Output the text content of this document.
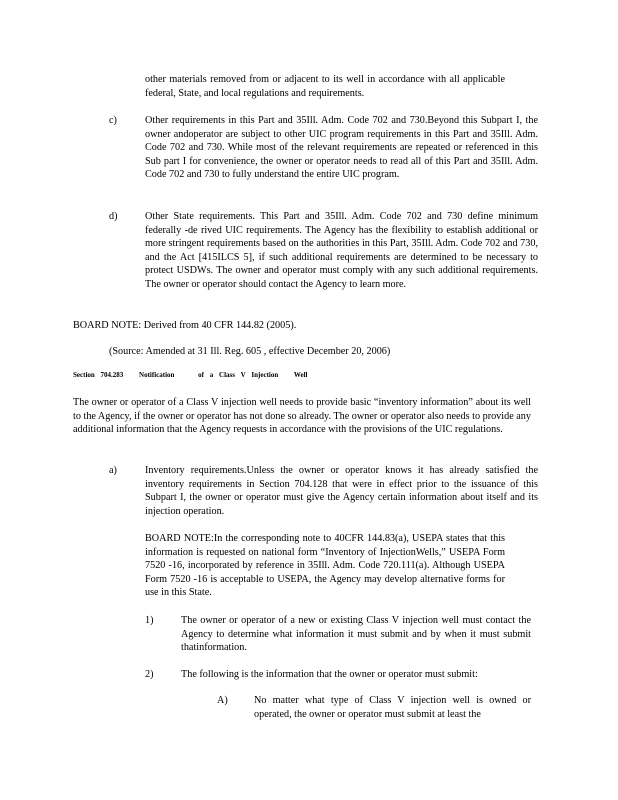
other materials removed from or adjacent to its well in accordance with all applicable federal, State, and local regulations and requirements.

c)	Other requirements in this Part and 35Ill. Adm. Code 702 and 730.Beyond this Subpart I, the owner andoperator are subject to other UIC program requirements in this Part and 35Ill. Adm. Code 702 and 730. While most of the relevant requirements are repeated or referenced in this Sub part I for convenience, the owner or operator needs to read all of this Part and 35Ill. Adm. Code 702 and 730 to fully understand the entire UIC program.

d)	Other State requirements. This Part and 35Ill. Adm. Code 702 and 730 define minimum federally -de rived UIC requirements. The Agency has the flexibility to establish additional or more stringent requirements based on the authorities in this Part, 35Ill. Adm. Code 702 and 730, and the Act [415ILCS 5], if such additional requirements are determined to be necessary to protect USDWs. The owner and operator must comply with any such additional requirements. The owner or operator should contact the Agency to learn more.

BOARD NOTE: Derived from 40 CFR 144.82 (2005).

(Source: Amended at 31 Ill. Reg. 605 , effective December 20, 2006)

Section 704.283 Notification	of a Class V Injection Well

The owner or operator of a Class V injection well needs to provide basic “inventory information” about its well to the Agency, if the owner or operator has not done so already. The owner or operator also needs to provide any additional information that the Agency requests in accordance with the provisions of the UIC regulations.

a)	Inventory requirements.Unless the owner or operator knows it has already satisfied the inventory requirements in Section 704.128 that were in effect prior to the issuance of this Subpart I, the owner or operator must give the Agency certain information about itself and its injection operation.

BOARD NOTE:In the corresponding note to 40CFR 144.83(a), USEPA states that this information is requested on national form “Inventory of InjectionWells,” USEPA Form 7520 -16, incorporated by reference in 35Ill. Adm. Code 720.111(a). Although USEPA Form 7520 -16 is acceptable to USEPA, the Agency may develop alternative forms for use in this State.

1)	The owner or operator of a new or existing Class V injection well must contact the Agency to determine what information it must submit and by when it must submit thatinformation.

2)	The following is the information that the owner or operator must submit:

A)	No matter what type of Class V injection well is owned or operated, the owner or operator must submit at least the
